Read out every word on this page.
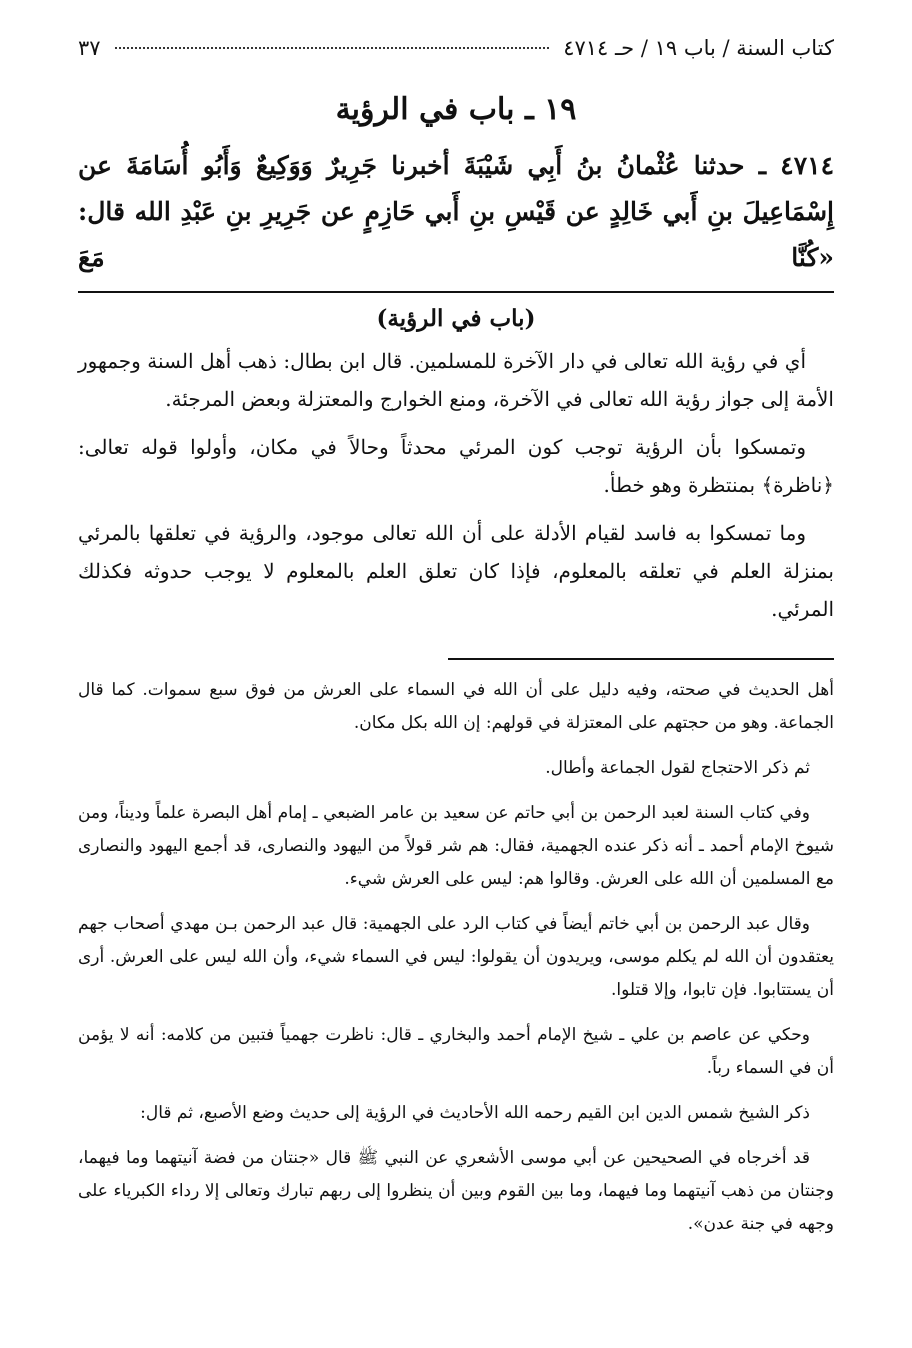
كتاب السنة / باب ١٩ / حـ ٤٧١٤
٣٧
١٩ ـ باب في الرؤية
٤٧١٤ ـ حدثنا عُثْمانُ بنُ أَبِي شَيْبَةَ أخبرنا جَرِيرٌ وَوَكِيعٌ وَأَبُو أُسَامَةَ عن إِسْمَاعِيلَ بنِ أَبي خَالِدٍ عن قَيْسِ بنِ أَبي حَازِمٍ عن جَرِيرِ بنِ عَبْدِ الله قال: «كُنَّا مَعَ
(باب في الرؤية)

أي في رؤية الله تعالى في دار الآخرة للمسلمين. قال ابن بطال: ذهب أهل السنة وجمهور الأمة إلى جواز رؤية الله تعالى في الآخرة، ومنع الخوارج والمعتزلة وبعض المرجئة.

وتمسكوا بأن الرؤية توجب كون المرئي محدثاً وحالاً في مكان، وأولوا قوله تعالى: ﴿ناظرة﴾ بمنتظرة وهو خطأ.

وما تمسكوا به فاسد لقيام الأدلة على أن الله تعالى موجود، والرؤية في تعلقها بالمرئي بمنزلة العلم في تعلقه بالمعلوم، فإذا كان تعلق العلم بالمعلوم لا يوجب حدوثه فكذلك المرئي.

أهل الحديث في صحته، وفيه دليل على أن الله في السماء على العرش من فوق سبع سموات. كما قال الجماعة. وهو من حجتهم على المعتزلة في قولهم: إن الله بكل مكان.

ثم ذكر الاحتجاج لقول الجماعة وأطال.

وفي كتاب السنة لعبد الرحمن بن أبي حاتم عن سعيد بن عامر الضبعي ـ إمام أهل البصرة علماً وديناً، ومن شيوخ الإمام أحمد ـ أنه ذكر عنده الجهمية، فقال: هم شر قولاً من اليهود والنصارى، قد أجمع اليهود والنصارى مع المسلمين أن الله على العرش. وقالوا هم: ليس على العرش شيء.

وقال عبد الرحمن بن أبي خاتم أيضاً في كتاب الرد على الجهمية: قال عبد الرحمن بـن مهدي أصحاب جهم يعتقدون أن الله لم يكلم موسى، ويريدون أن يقولوا: ليس في السماء شيء، وأن الله ليس على العرش. أرى أن يستتابوا. فإن تابوا، وإلا قتلوا.

وحكي عن عاصم بن علي ـ شيخ الإمام أحمد والبخاري ـ قال: ناظرت جهمياً فتبين من كلامه: أنه لا يؤمن أن في السماء رباً.

ذكر الشيخ شمس الدين ابن القيم رحمه الله الأحاديث في الرؤية إلى حديث وضع الأصبع، ثم قال:

قد أخرجاه في الصحيحين عن أبي موسى الأشعري عن النبي ﷺ قال «جنتان من فضة آنيتهما وما فيهما، وجنتان من ذهب آنيتهما وما فيهما، وما بين القوم وبين أن ينظروا إلى ربهم تبارك وتعالى إلا رداء الكبرياء على وجهه في جنة عدن».
